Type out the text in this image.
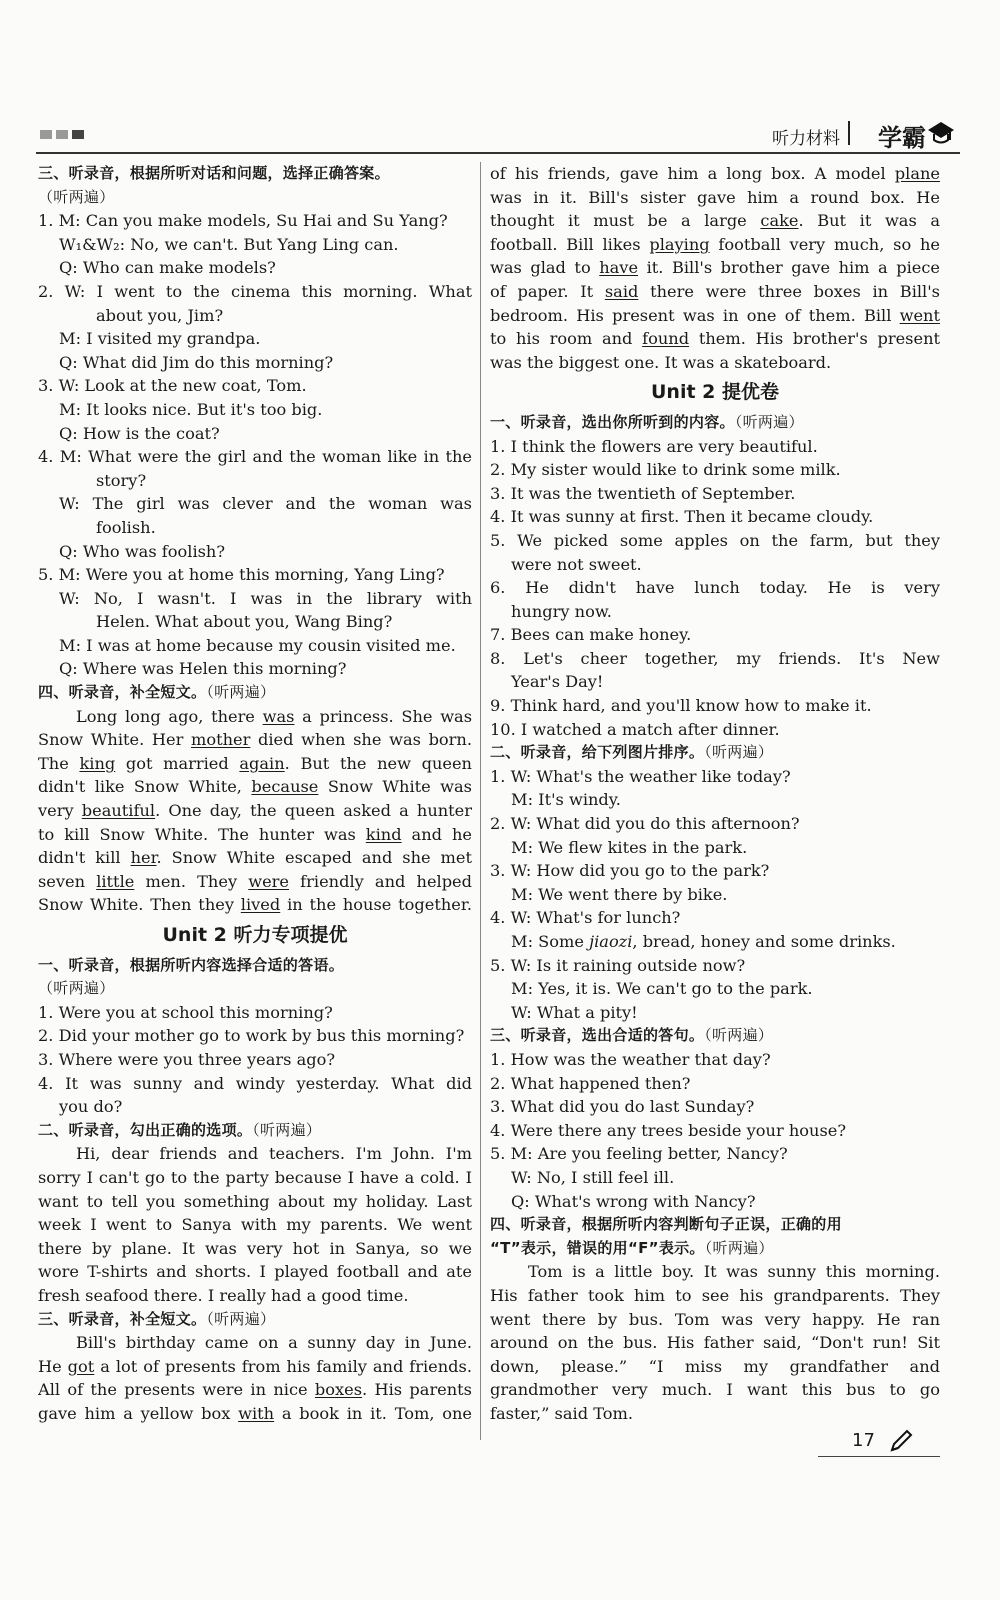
听力材料 学霸
三、听录音，根据所听对话和问题，选择正确答案。
（听两遍）
1. M: Can you make models, Su Hai and Su Yang?
W₁&W₂: No, we can't. But Yang Ling can.
Q: Who can make models?
2. W: I went to the cinema this morning. What
about you, Jim?
M: I visited my grandpa.
Q: What did Jim do this morning?
3. W: Look at the new coat, Tom.
M: It looks nice. But it's too big.
Q: How is the coat?
4. M: What were the girl and the woman like in the
story?
W: The girl was clever and the woman was
foolish.
Q: Who was foolish?
5. M: Were you at home this morning, Yang Ling?
W: No, I wasn't. I was in the library with
Helen. What about you, Wang Bing?
M: I was at home because my cousin visited me.
Q: Where was Helen this morning?
四、听录音，补全短文。（听两遍）
Long long ago, there was a princess. She was
Snow White. Her mother died when she was born.
The king got married again. But the new queen
didn't like Snow White, because Snow White was
very beautiful. One day, the queen asked a hunter
to kill Snow White. The hunter was kind and he
didn't kill her. Snow White escaped and she met
seven little men. They were friendly and helped
Snow White. Then they lived in the house together.
Unit 2 听力专项提优
一、听录音，根据所听内容选择合适的答语。
（听两遍）
1. Were you at school this morning?
2. Did your mother go to work by bus this morning?
3. Where were you three years ago?
4. It was sunny and windy yesterday. What did
you do?
二、听录音，勾出正确的选项。（听两遍）
Hi, dear friends and teachers. I'm John. I'm
sorry I can't go to the party because I have a cold. I
want to tell you something about my holiday. Last
week I went to Sanya with my parents. We went
there by plane. It was very hot in Sanya, so we
wore T-shirts and shorts. I played football and ate
fresh seafood there. I really had a good time.
三、听录音，补全短文。（听两遍）
Bill's birthday came on a sunny day in June.
He got a lot of presents from his family and friends.
All of the presents were in nice boxes. His parents
gave him a yellow box with a book in it. Tom, one
of his friends, gave him a long box. A model plane
was in it. Bill's sister gave him a round box. He
thought it must be a large cake. But it was a
football. Bill likes playing football very much, so he
was glad to have it. Bill's brother gave him a piece
of paper. It said there were three boxes in Bill's
bedroom. His present was in one of them. Bill went
to his room and found them. His brother's present
was the biggest one. It was a skateboard.
Unit 2 提优卷
一、听录音，选出你所听到的内容。（听两遍）
1. I think the flowers are very beautiful.
2. My sister would like to drink some milk.
3. It was the twentieth of September.
4. It was sunny at first. Then it became cloudy.
5. We picked some apples on the farm, but they
were not sweet.
6. He didn't have lunch today. He is very
hungry now.
7. Bees can make honey.
8. Let's cheer together, my friends. It's New
Year's Day!
9. Think hard, and you'll know how to make it.
10. I watched a match after dinner.
二、听录音，给下列图片排序。（听两遍）
1. W: What's the weather like today?
M: It's windy.
2. W: What did you do this afternoon?
M: We flew kites in the park.
3. W: How did you go to the park?
M: We went there by bike.
4. W: What's for lunch?
M: Some jiaozi, bread, honey and some drinks.
5. W: Is it raining outside now?
M: Yes, it is. We can't go to the park.
W: What a pity!
三、听录音，选出合适的答句。（听两遍）
1. How was the weather that day?
2. What happened then?
3. What did you do last Sunday?
4. Were there any trees beside your house?
5. M: Are you feeling better, Nancy?
W: No, I still feel ill.
Q: What's wrong with Nancy?
四、听录音，根据所听内容判断句子正误，正确的用
“T”表示，错误的用“F”表示。（听两遍）
Tom is a little boy. It was sunny this morning.
His father took him to see his grandparents. They
went there by bus. Tom was very happy. He ran
around on the bus. His father said, “Don't run! Sit
down, please.” “I miss my grandfather and
grandmother very much. I want this bus to go
faster,” said Tom.
17
